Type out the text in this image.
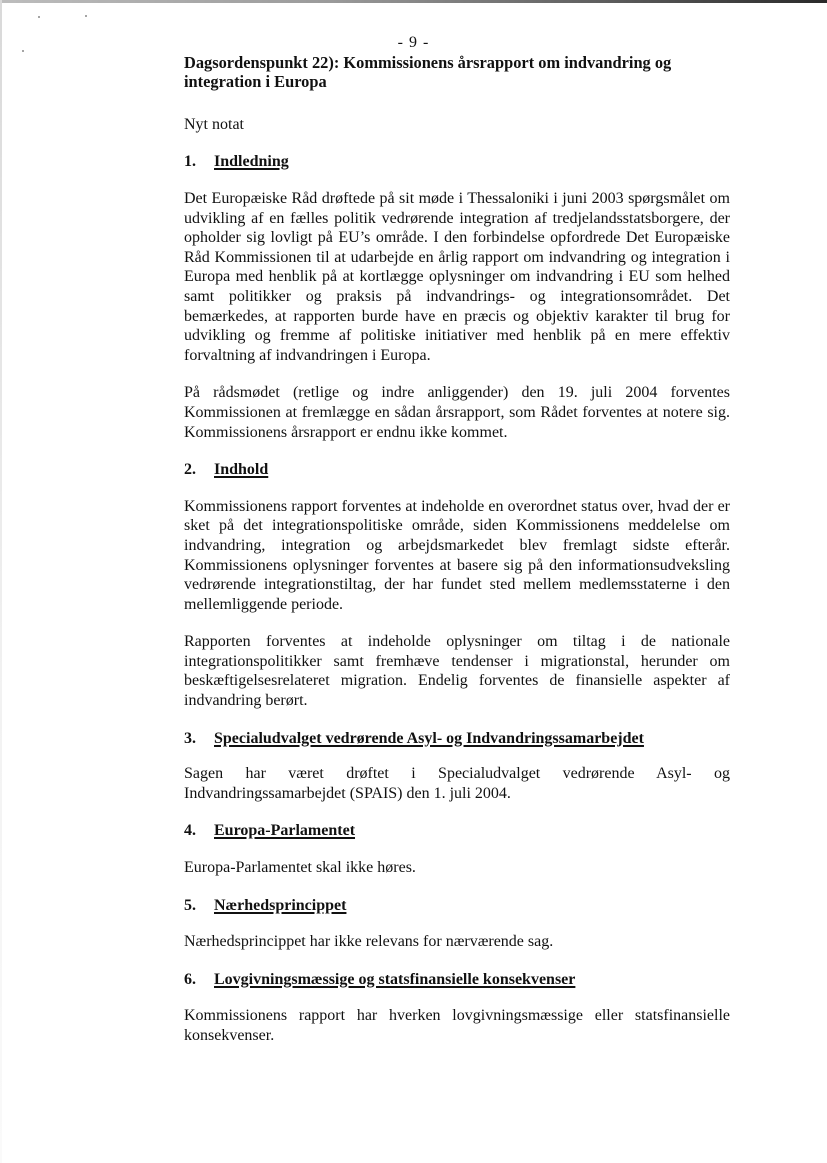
- 9 -

Dagsordenspunkt 22): Kommissionens årsrapport om indvandring og integration i Europa

Nyt notat

1.	Indledning

Det Europæiske Råd drøftede på sit møde i Thessaloniki i juni 2003 spørgsmålet om udvikling af en fælles politik vedrørende integration af tredjelandsstatsborgere, der opholder sig lovligt på EU’s område. I den forbindelse opfordrede Det Europæiske Råd Kommissionen til at udarbejde en årlig rapport om indvandring og integration i Europa med henblik på at kortlægge oplysninger om indvandring i EU som helhed samt politikker og praksis på indvandrings- og integrationsområdet. Det bemærkedes, at rapporten burde have en præcis og objektiv karakter til brug for udvikling og fremme af politiske initiativer med henblik på en mere effektiv forvaltning af indvandringen i Europa.

På rådsmødet (retlige og indre anliggender) den 19. juli 2004 forventes Kommissionen at fremlægge en sådan årsrapport, som Rådet forventes at notere sig. Kommissionens årsrapport er endnu ikke kommet.

2.	Indhold

Kommissionens rapport forventes at indeholde en overordnet status over, hvad der er sket på det integrationspolitiske område, siden Kommissionens meddelelse om indvandring, integration og arbejdsmarkedet blev fremlagt sidste efterår. Kommissionens oplysninger forventes at basere sig på den informationsudveksling vedrørende integrationstiltag, der har fundet sted mellem medlemsstaterne i den mellemliggende periode.

Rapporten forventes at indeholde oplysninger om tiltag i de nationale integrationspolitikker samt fremhæve tendenser i migrationstal, herunder om beskæftigelsesrelateret migration. Endelig forventes de finansielle aspekter af indvandring berørt.

3.	Specialudvalget vedrørende Asyl- og Indvandringssamarbejdet

Sagen har været drøftet i Specialudvalget vedrørende Asyl- og Indvandringssamarbejdet (SPAIS) den 1. juli 2004.

4.	Europa-Parlamentet

Europa-Parlamentet skal ikke høres.

5.	Nærhedsprincippet

Nærhedsprincippet har ikke relevans for nærværende sag.

6.	Lovgivningsmæssige og statsfinansielle konsekvenser

Kommissionens rapport har hverken lovgivningsmæssige eller statsfinansielle konsekvenser.
